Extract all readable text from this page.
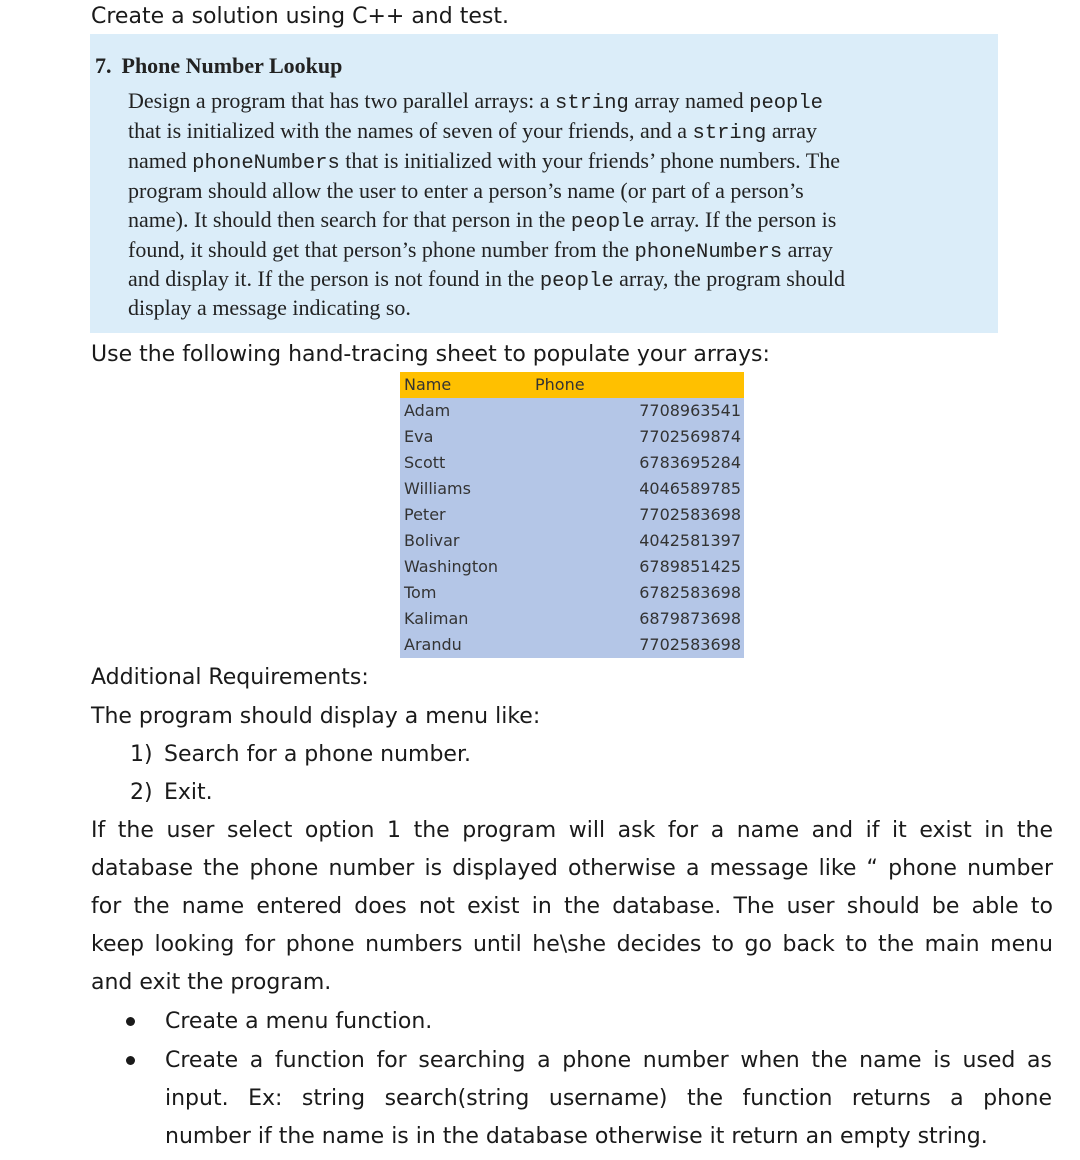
Create a solution using C++ and test.
7. Phone Number Lookup
Design a program that has two parallel arrays: a string array named people
that is initialized with the names of seven of your friends, and a string array
named phoneNumbers that is initialized with your friends’ phone numbers. The
program should allow the user to enter a person’s name (or part of a person’s
name). It should then search for that person in the people array. If the person is
found, it should get that person’s phone number from the phoneNumbers array
and display it. If the person is not found in the people array, the program should
display a message indicating so.
Use the following hand-tracing sheet to populate your arrays:
Name	Phone
Adam	7708963541
Eva	7702569874
Scott	6783695284
Williams	4046589785
Peter	7702583698
Bolivar	4042581397
Washington	6789851425
Tom	6782583698
Kaliman	6879873698
Arandu	7702583698
Additional Requirements:
The program should display a menu like:
1) Search for a phone number.
2) Exit.
If the user select option 1 the program will ask for a name and if it exist in the
database the phone number is displayed otherwise a message like “ phone number
for the name entered does not exist in the database. The user should be able to
keep looking for phone numbers until he\she decides to go back to the main menu
and exit the program.
Create a menu function.
Create a function for searching a phone number when the name is used as
input. Ex: string search(string username) the function returns a phone
number if the name is in the database otherwise it return an empty string.
